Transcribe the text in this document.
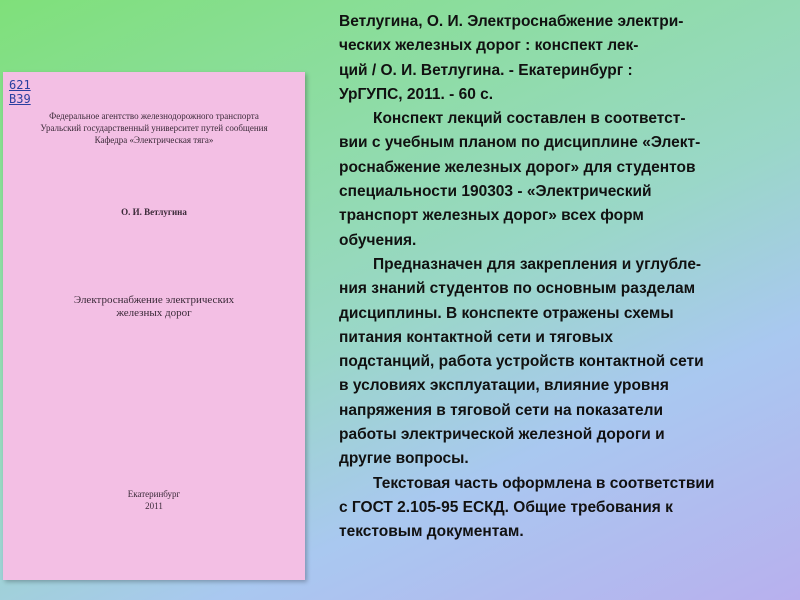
621
В39
Федеральное агентство железнодорожного транспорта
Уральский государственный университет путей сообщения
Кафедра «Электрическая тяга»
О. И. Ветлугина
Электроснабжение электрических
железных дорог
Екатеринбург
2011

Ветлугина, О. И. Электроснабжение электри-
ческих железных дорог : конспект лек-
ций / О. И. Ветлугина. - Екатеринбург :
УрГУПС, 2011. - 60 с.

Конспект лекций составлен в соответст-
вии с учебным планом по дисциплине «Элект-
роснабжение железных дорог» для студентов
специальности 190303 - «Электрический
транспорт железных дорог» всех форм
обучения.

Предназначен для закрепления и углубле-
ния знаний студентов по основным разделам
дисциплины. В конспекте отражены схемы
питания контактной сети и тяговых
подстанций, работа устройств контактной сети
в условиях эксплуатации, влияние уровня
напряжения в тяговой сети на показатели
работы электрической железной дороги и
другие вопросы.

Текстовая часть оформлена в соответствии
с ГОСТ 2.105-95 ЕСКД. Общие требования к
текстовым документам.
